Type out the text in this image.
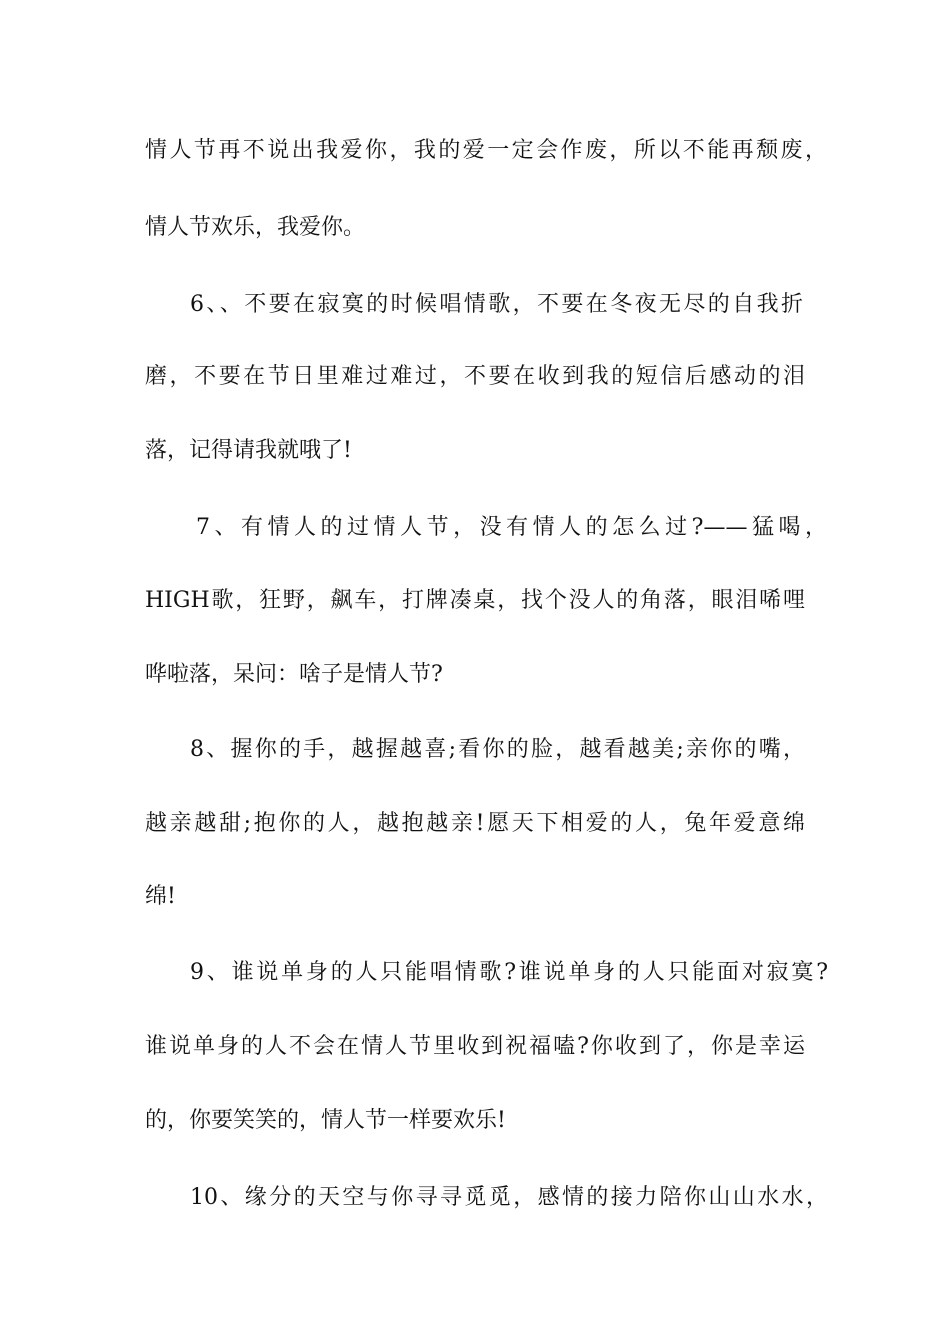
情人节再不说出我爱你，我的爱一定会作废，所以不能再颓废，
情人节欢乐，我爱你。
6、、不要在寂寞的时候唱情歌，不要在冬夜无尽的自我折
磨，不要在节日里难过难过，不要在收到我的短信后感动的泪
落，记得请我就哦了!
7、有情人的过情人节，没有情人的怎么过?——猛喝，
HIGH歌，狂野，飙车，打牌凑桌，找个没人的角落，眼泪唏哩
哗啦落，呆问：啥子是情人节?
8、握你的手，越握越喜;看你的脸，越看越美;亲你的嘴，
越亲越甜;抱你的人，越抱越亲!愿天下相爱的人，兔年爱意绵
绵!
9、谁说单身的人只能唱情歌?谁说单身的人只能面对寂寞?
谁说单身的人不会在情人节里收到祝福嗑?你收到了，你是幸运
的，你要笑笑的，情人节一样要欢乐!
10、缘分的天空与你寻寻觅觅，感情的接力陪你山山水水，
